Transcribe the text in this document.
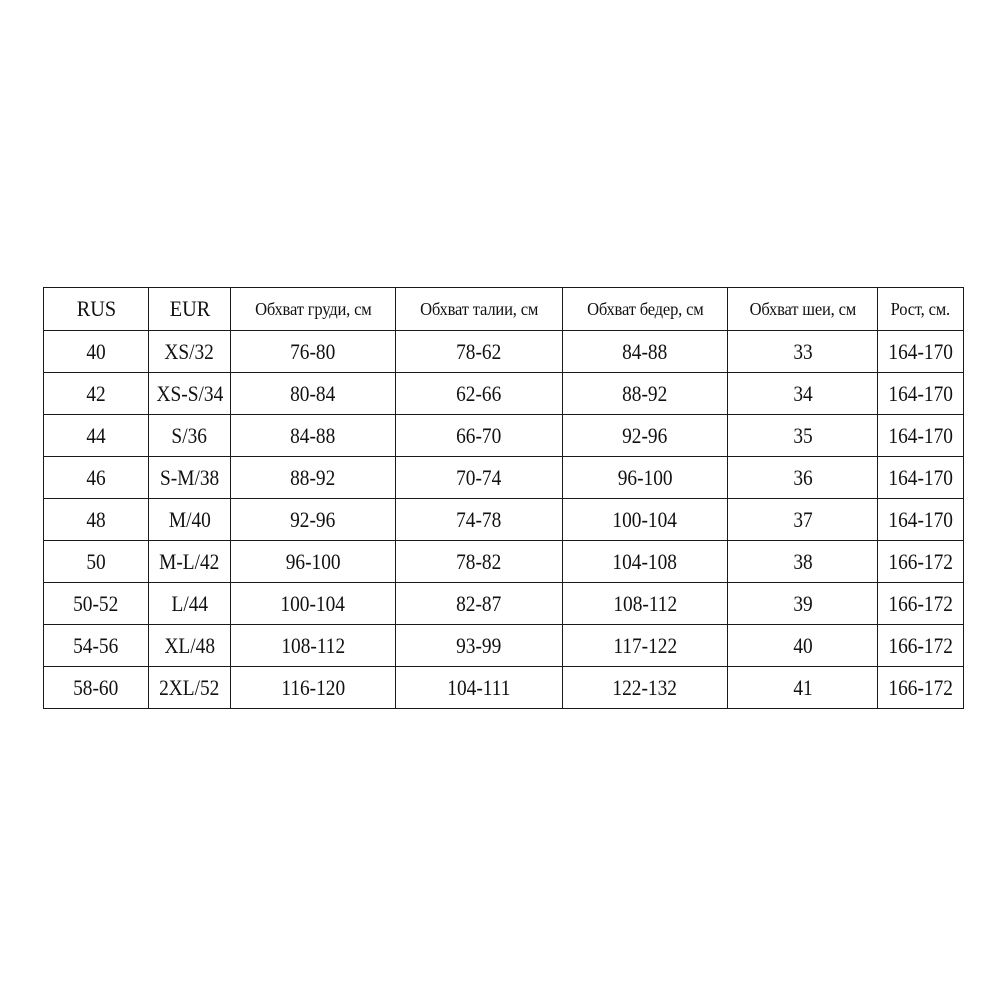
RUS	EUR	Обхват груди, см	Обхват талии, см	Обхват бедер, см	Обхват шеи, см	Рост, см.
40	XS/32	76-80	78-62	84-88	33	164-170
42	XS-S/34	80-84	62-66	88-92	34	164-170
44	S/36	84-88	66-70	92-96	35	164-170
46	S-M/38	88-92	70-74	96-100	36	164-170
48	M/40	92-96	74-78	100-104	37	164-170
50	M-L/42	96-100	78-82	104-108	38	166-172
50-52	L/44	100-104	82-87	108-112	39	166-172
54-56	XL/48	108-112	93-99	117-122	40	166-172
58-60	2XL/52	116-120	104-111	122-132	41	166-172
